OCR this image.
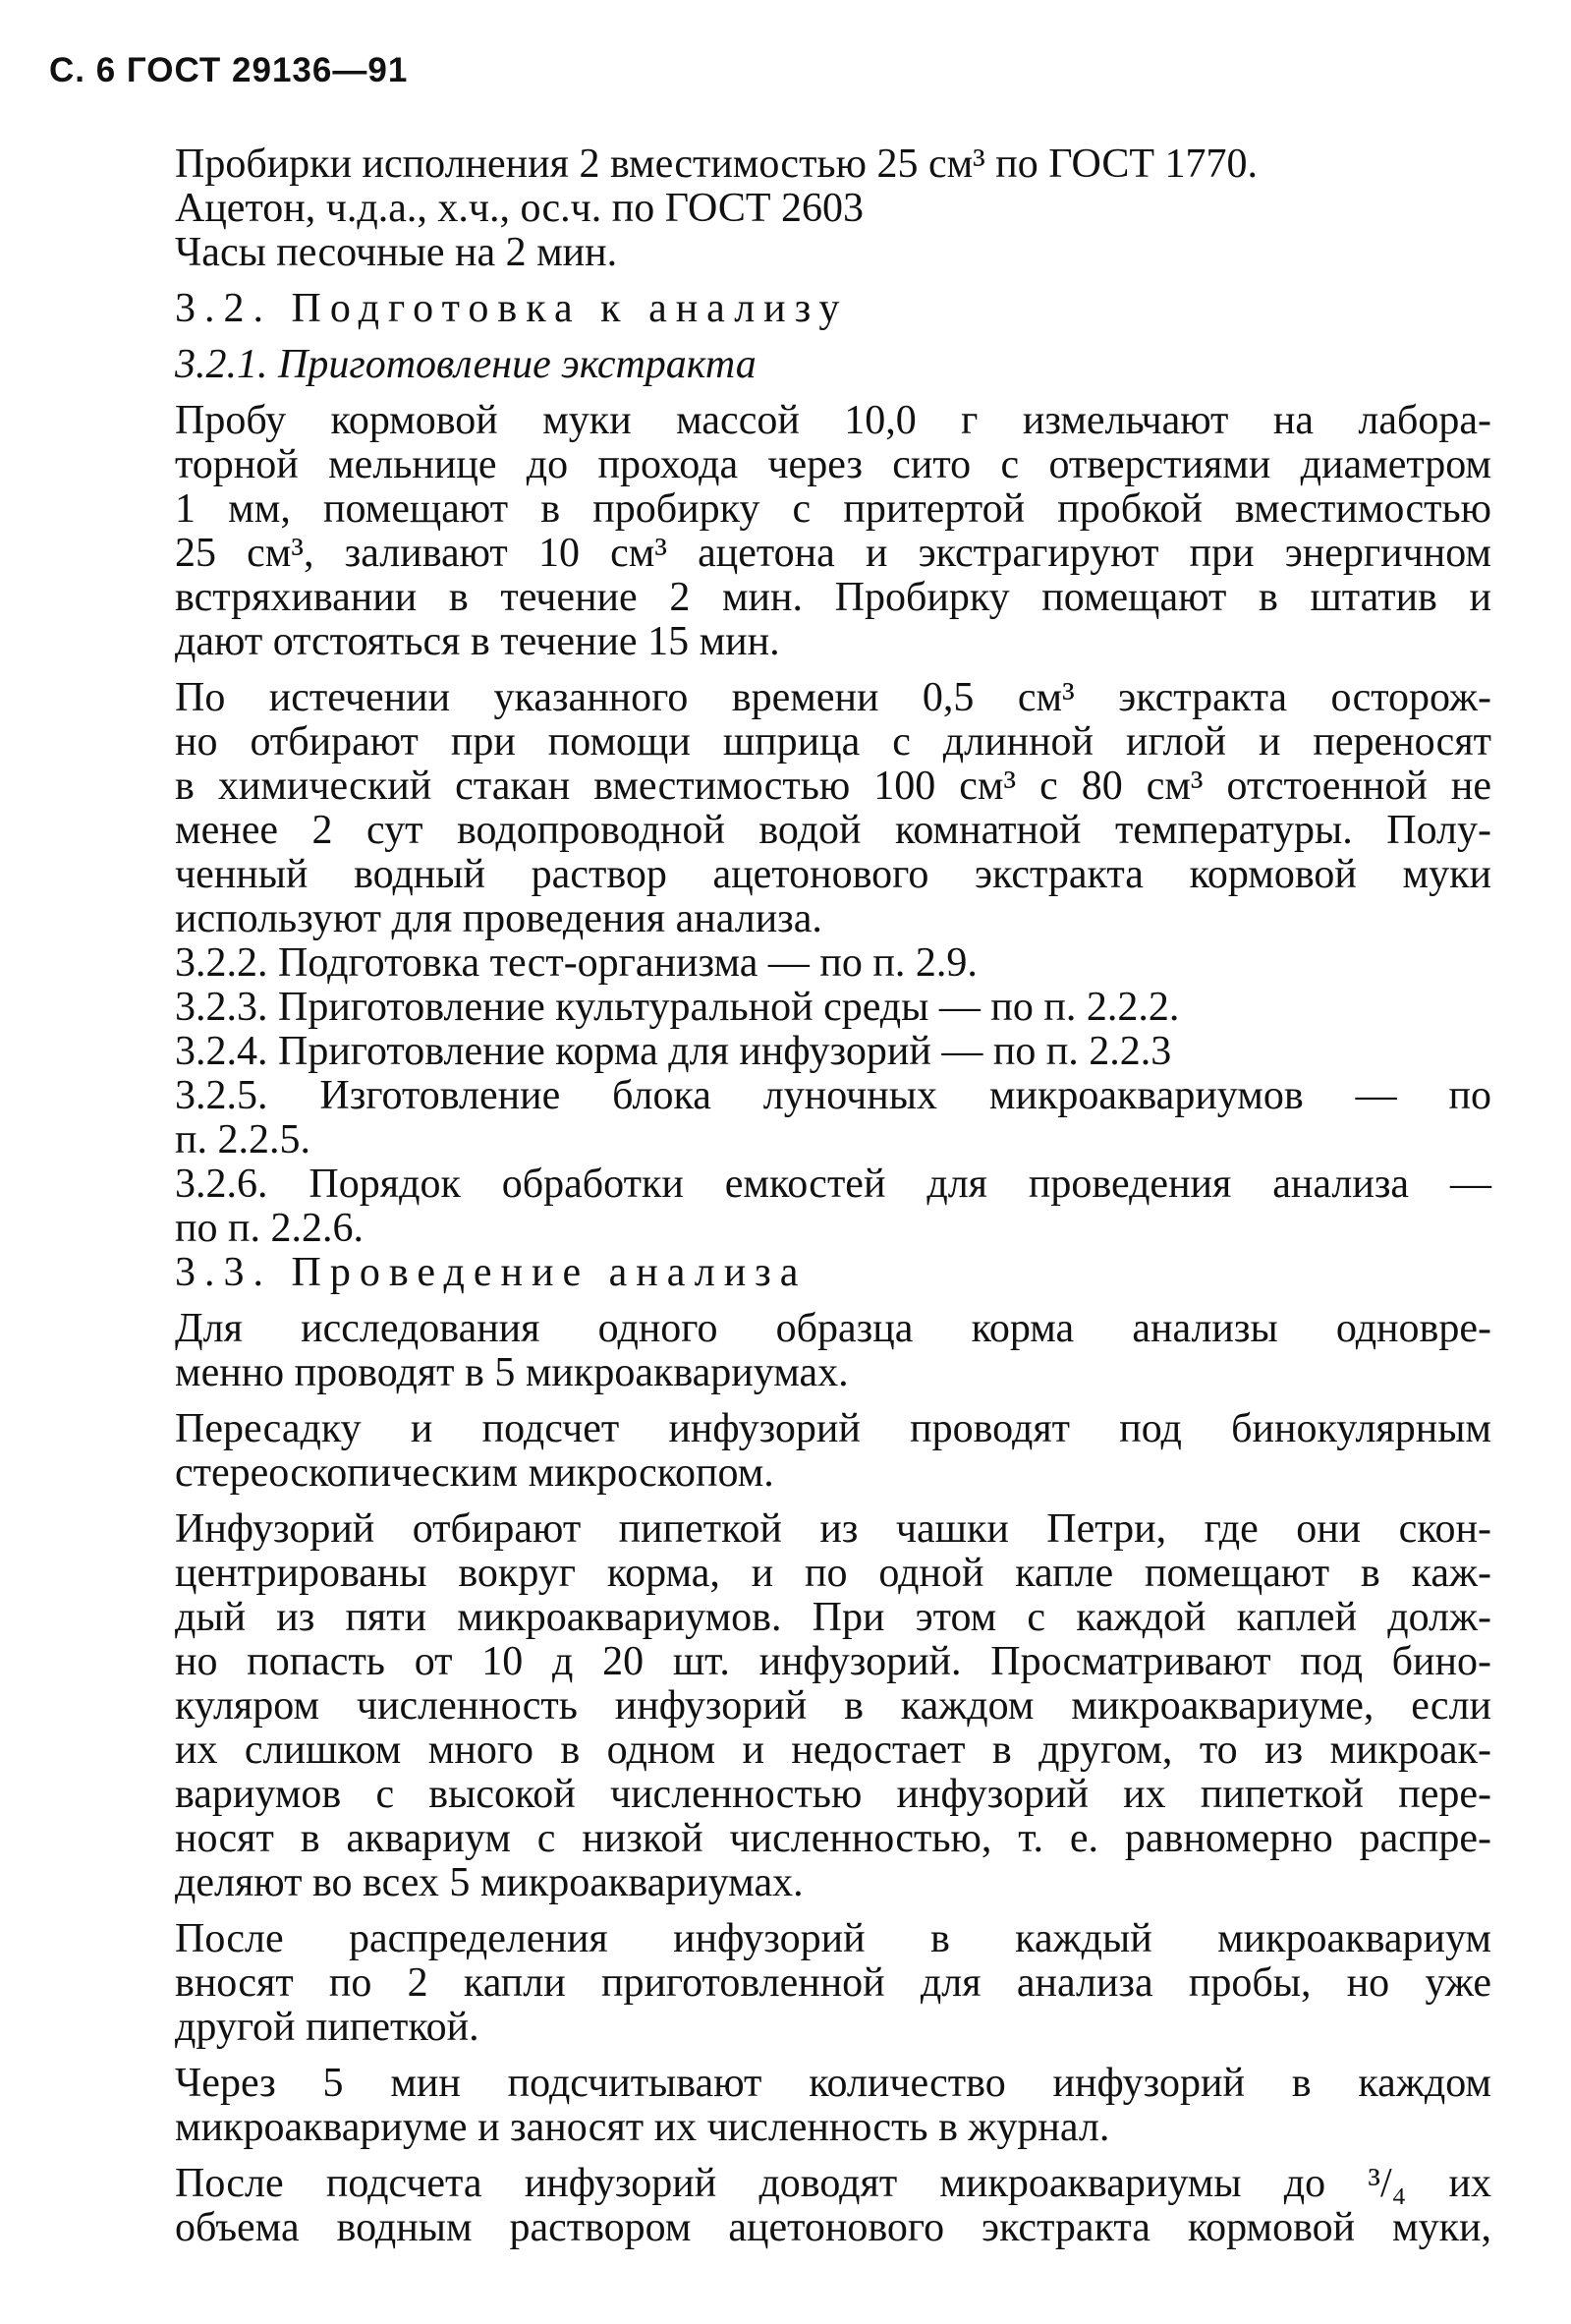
С. 6 ГОСТ 29136—91
Пробирки исполнения 2 вместимостью 25 см³ по ГОСТ 1770.
Ацетон, ч.д.а., х.ч., ос.ч. по ГОСТ 2603
Часы песочные на 2 мин.
3.2. Подготовка к анализу
3.2.1. Приготовление экстракта
Пробу кормовой муки массой 10,0 г измельчают на лабора-
торной мельнице до прохода через сито с отверстиями диаметром
1 мм, помещают в пробирку с притертой пробкой вместимостью
25 см³, заливают 10 см³ ацетона и экстрагируют при энергичном
встряхивании в течение 2 мин. Пробирку помещают в штатив и
дают отстояться в течение 15 мин.
По истечении указанного времени 0,5 см³ экстракта осторож-
но отбирают при помощи шприца с длинной иглой и переносят
в химический стакан вместимостью 100 см³ с 80 см³ отстоенной не
менее 2 сут водопроводной водой комнатной температуры. Полу-
ченный водный раствор ацетонового экстракта кормовой муки
используют для проведения анализа.
3.2.2. Подготовка тест-организма — по п. 2.9.
3.2.3. Приготовление культуральной среды — по п. 2.2.2.
3.2.4. Приготовление корма для инфузорий — по п. 2.2.3
3.2.5. Изготовление блока луночных микроаквариумов — по
п. 2.2.5.
3.2.6. Порядок обработки емкостей для проведения анализа —
по п. 2.2.6.
3.3. Проведение анализа
Для исследования одного образца корма анализы одновре-
менно проводят в 5 микроаквариумах.
Пересадку и подсчет инфузорий проводят под бинокулярным
стереоскопическим микроскопом.
Инфузорий отбирают пипеткой из чашки Петри, где они скон-
центрированы вокруг корма, и по одной капле помещают в каж-
дый из пяти микроаквариумов. При этом с каждой каплей долж-
но попасть от 10 д 20 шт. инфузорий. Просматривают под бино-
куляром численность инфузорий в каждом микроаквариуме, если
их слишком много в одном и недостает в другом, то из микроак-
вариумов с высокой численностью инфузорий их пипеткой пере-
носят в аквариум с низкой численностью, т. е. равномерно распре-
деляют во всех 5 микроаквариумах.
После распределения инфузорий в каждый микроаквариум
вносят по 2 капли приготовленной для анализа пробы, но уже
другой пипеткой.
Через 5 мин подсчитывают количество инфузорий в каждом
микроаквариуме и заносят их численность в журнал.
После подсчета инфузорий доводят микроаквариумы до ³/₄ их
объема водным раствором ацетонового экстракта кормовой муки,
